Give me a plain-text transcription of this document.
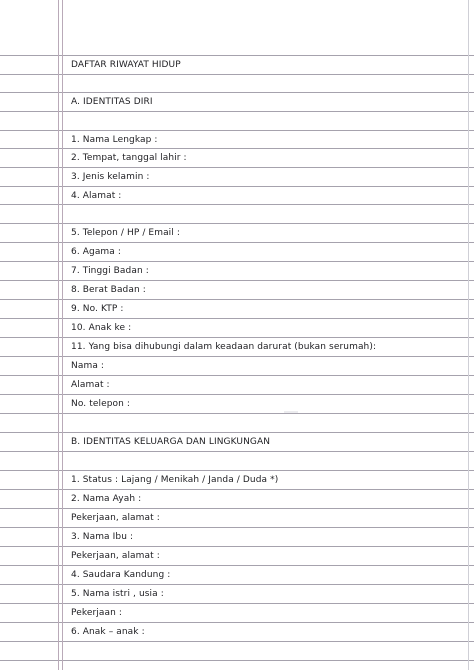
DAFTAR RIWAYAT HIDUP
A. IDENTITAS DIRI
1. Nama Lengkap :
2. Tempat, tanggal lahir :
3. Jenis kelamin :
4. Alamat :
5. Telepon / HP / Email :
6. Agama :
7. Tinggi Badan :
8. Berat Badan :
9. No. KTP :
10. Anak ke :
11. Yang bisa dihubungi dalam keadaan darurat (bukan serumah):
Nama :
Alamat :
No. telepon :
B. IDENTITAS KELUARGA DAN LINGKUNGAN
1. Status : Lajang / Menikah / Janda / Duda *)
2. Nama Ayah :
Pekerjaan, alamat :
3. Nama Ibu :
Pekerjaan, alamat :
4. Saudara Kandung :
5. Nama istri , usia :
Pekerjaan :
6. Anak – anak :
